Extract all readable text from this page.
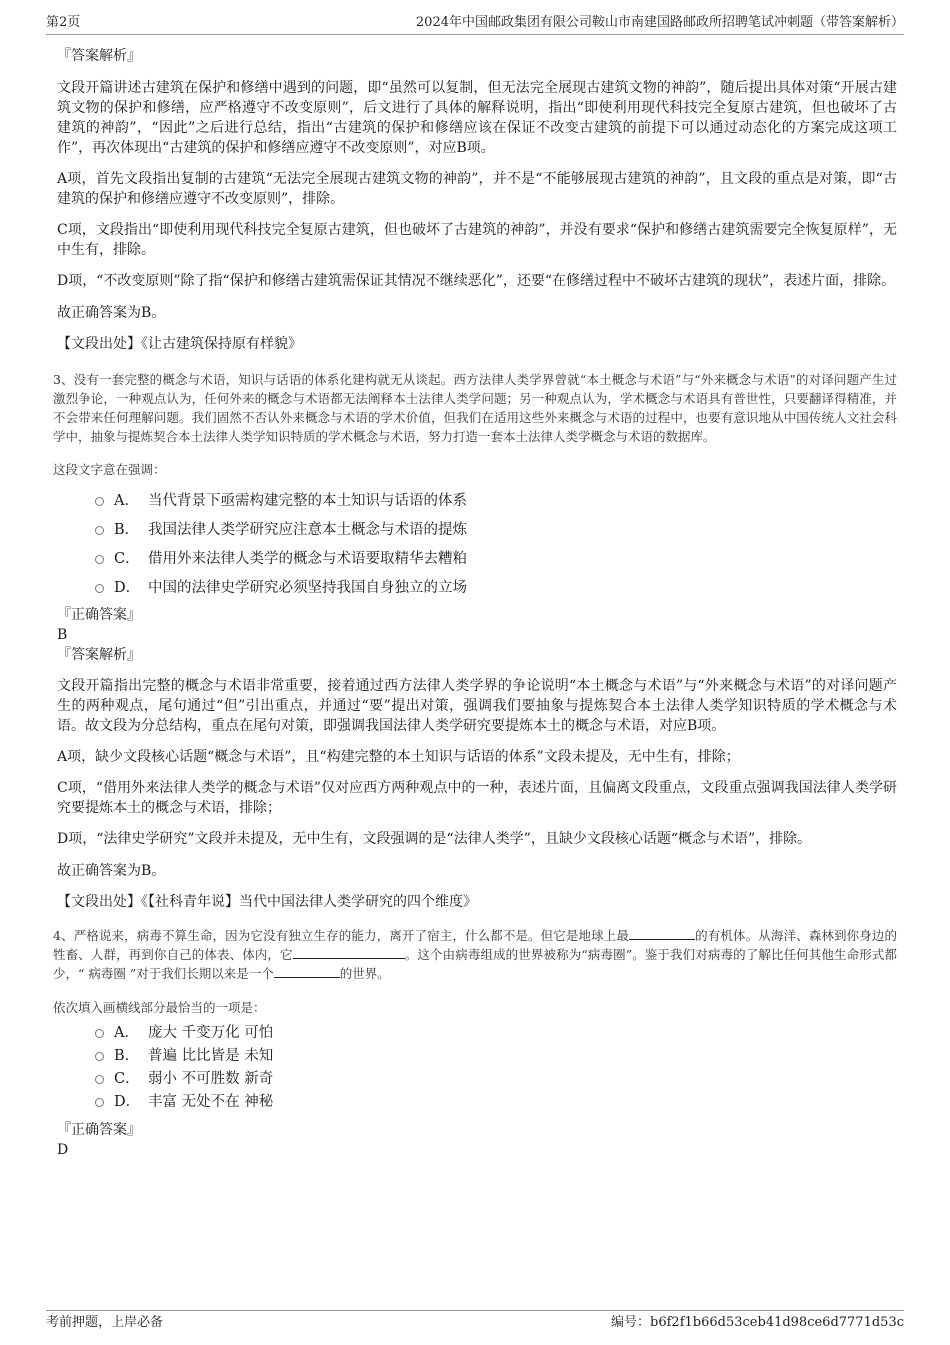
第2页	2024年中国邮政集团有限公司鞍山市南建国路邮政所招聘笔试冲刺题（带答案解析）

『答案解析』

文段开篇讲述古建筑在保护和修缮中遇到的问题，即“虽然可以复制，但无法完全展现古建筑文物的神韵”，随后提出具体对策“开展古建筑文物的保护和修缮，应严格遵守不改变原则”，后文进行了具体的解释说明，指出“即使利用现代科技完全复原古建筑，但也破坏了古建筑的神韵”，“因此”之后进行总结，指出“古建筑的保护和修缮应该在保证不改变古建筑的前提下可以通过动态化的方案完成这项工作”，再次体现出“古建筑的保护和修缮应遵守不改变原则”，对应B项。

A项，首先文段指出复制的古建筑“无法完全展现古建筑文物的神韵”，并不是“不能够展现古建筑的神韵”，且文段的重点是对策，即“古建筑的保护和修缮应遵守不改变原则”，排除。

C项，文段指出“即使利用现代科技完全复原古建筑，但也破坏了古建筑的神韵”，并没有要求“保护和修缮古建筑需要完全恢复原样”，无中生有，排除。

D项，“不改变原则”除了指“保护和修缮古建筑需保证其情况不继续恶化”，还要“在修缮过程中不破坏古建筑的现状”，表述片面，排除。

故正确答案为B。

【文段出处】《让古建筑保持原有样貌》

3、没有一套完整的概念与术语，知识与话语的体系化建构就无从谈起。西方法律人类学界曾就“本土概念与术语”与“外来概念与术语”的对译问题产生过激烈争论，一种观点认为，任何外来的概念与术语都无法阐释本土法律人类学问题；另一种观点认为，学术概念与术语具有普世性，只要翻译得精准，并不会带来任何理解问题。我们固然不否认外来概念与术语的学术价值，但我们在适用这些外来概念与术语的过程中，也要有意识地从中国传统人文社会科学中，抽象与提炼契合本土法律人类学知识特质的学术概念与术语，努力打造一套本土法律人类学概念与术语的数据库。

这段文字意在强调：

A． 当代背景下亟需构建完整的本土知识与话语的体系
B． 我国法律人类学研究应注意本土概念与术语的提炼
C． 借用外来法律人类学的概念与术语要取精华去糟粕
D． 中国的法律史学研究必须坚持我国自身独立的立场

『正确答案』

B

『答案解析』

文段开篇指出完整的概念与术语非常重要，接着通过西方法律人类学界的争论说明“本土概念与术语”与“外来概念与术语”的对译问题产生的两种观点，尾句通过“但”引出重点，并通过“要”提出对策，强调我们要抽象与提炼契合本土法律人类学知识特质的学术概念与术语。故文段为分总结构，重点在尾句对策，即强调我国法律人类学研究要提炼本土的概念与术语，对应B项。

A项，缺少文段核心话题“概念与术语”，且“构建完整的本土知识与话语的体系”文段未提及，无中生有，排除；

C项，“借用外来法律人类学的概念与术语”仅对应西方两种观点中的一种，表述片面，且偏离文段重点，文段重点强调我国法律人类学研究要提炼本土的概念与术语，排除；

D项，“法律史学研究”文段并未提及，无中生有，文段强调的是“法律人类学”，且缺少文段核心话题“概念与术语”，排除。

故正确答案为B。

【文段出处】《【社科青年说】当代中国法律人类学研究的四个维度》

4、严格说来，病毒不算生命，因为它没有独立生存的能力，离开了宿主，什么都不是。但它是地球上最	的有机体。从海洋、森林到你身边的牲畜、人群，再到你自己的体表、体内，它	。这个由病毒组成的世界被称为“病毒圈”。鉴于我们对病毒的了解比任何其他生命形式都少，“ 病毒圈 ”对于我们长期以来是一个	的世界。

依次填入画横线部分最恰当的一项是：

A． 庞大 千变万化 可怕
B． 普遍 比比皆是 未知
C． 弱小 不可胜数 新奇
D． 丰富 无处不在 神秘

『正确答案』

D

考前押题，上岸必备	编号：b6f2f1b66d53ceb41d98ce6d7771d53c
